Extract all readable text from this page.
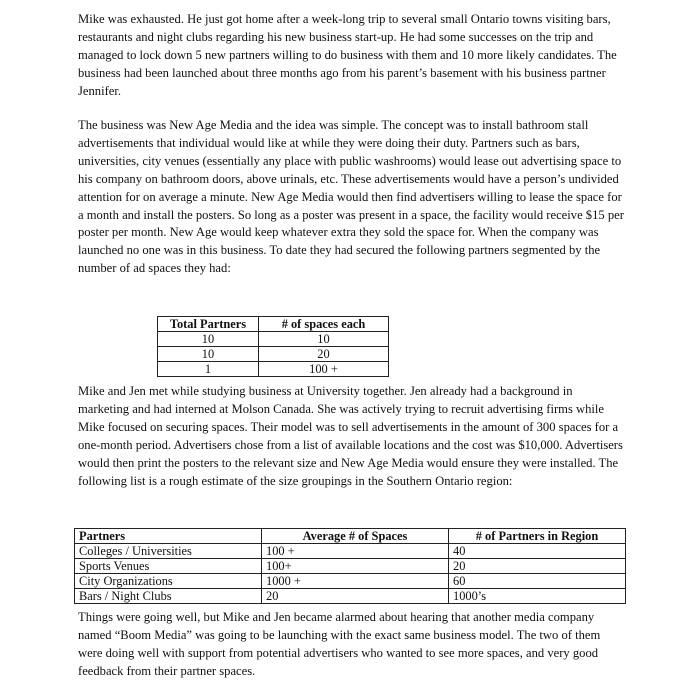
Mike was exhausted. He just got home after a week-long trip to several small Ontario towns visiting bars, restaurants and night clubs regarding his new business start-up. He had some successes on the trip and managed to lock down 5 new partners willing to do business with them and 10 more likely candidates. The business had been launched about three months ago from his parent’s basement with his business partner Jennifer.

The business was New Age Media and the idea was simple. The concept was to install bathroom stall advertisements that individual would like at while they were doing their duty. Partners such as bars, universities, city venues (essentially any place with public washrooms) would lease out advertising space to his company on bathroom doors, above urinals, etc. These advertisements would have a person’s undivided attention for on average a minute. New Age Media would then find advertisers willing to lease the space for a month and install the posters. So long as a poster was present in a space, the facility would receive $15 per poster per month. New Age would keep whatever extra they sold the space for. When the company was launched no one was in this business. To date they had secured the following partners segmented by the number of ad spaces they had:

Total Partners	# of spaces each
10	10
10	20
1	100 +

Mike and Jen met while studying business at University together. Jen already had a background in marketing and had interned at Molson Canada. She was actively trying to recruit advertising firms while Mike focused on securing spaces. Their model was to sell advertisements in the amount of 300 spaces for a one-month period. Advertisers chose from a list of available locations and the cost was $10,000. Advertisers would then print the posters to the relevant size and New Age Media would ensure they were installed. The following list is a rough estimate of the size groupings in the Southern Ontario region:

Partners	Average # of Spaces	# of Partners in Region
Colleges / Universities	100 +	40
Sports Venues	100+	20
City Organizations	1000 +	60
Bars / Night Clubs	20	1000’s

Things were going well, but Mike and Jen became alarmed about hearing that another media company named “Boom Media” was going to be launching with the exact same business model. The two of them were doing well with support from potential advertisers who wanted to see more spaces, and very good feedback from their partner spaces.
